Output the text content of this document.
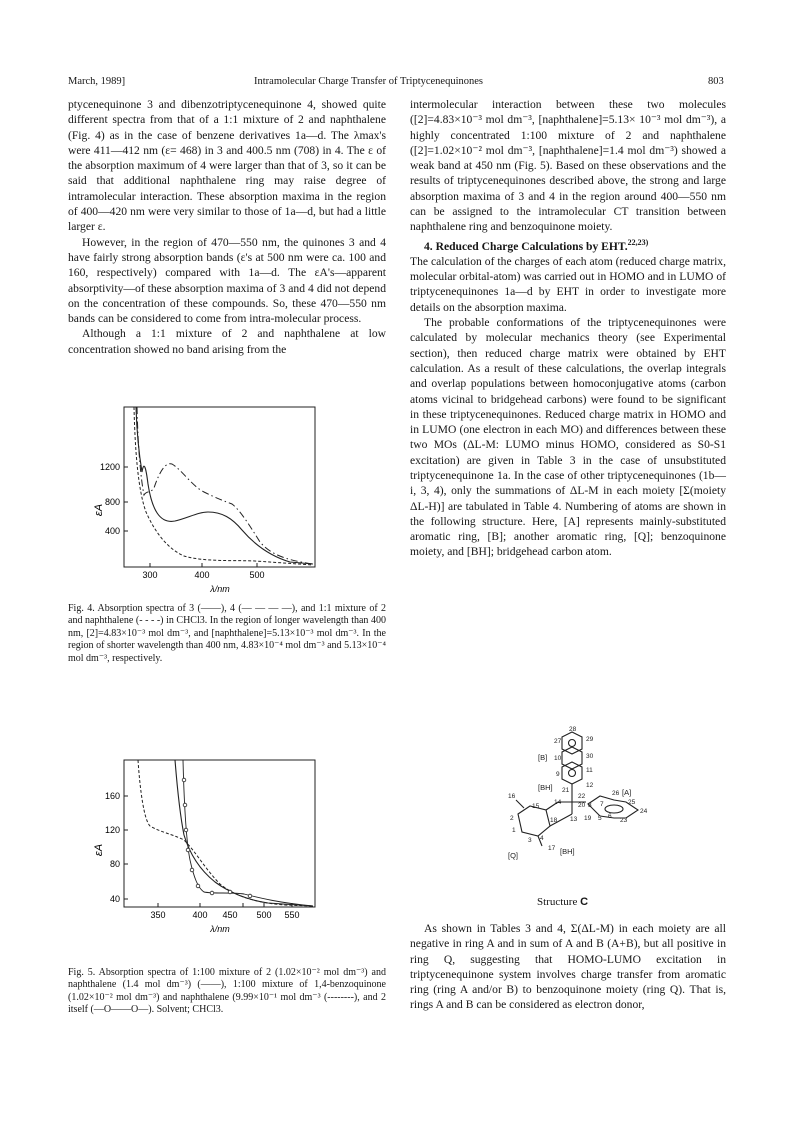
March, 1989]	Intramolecular Charge Transfer of Triptycenequinones	803

ptycenequinone 3 and dibenzotriptycenequinone 4, showed quite different spectra from that of a 1:1 mixture of 2 and naphthalene (Fig. 4) as in the case of benzene derivatives 1a—d. The λmax's were 411—412 nm (ε= 468) in 3 and 400.5 nm (708) in 4. The ε of the absorption maximum of 4 were larger than that of 3, so it can be said that additional naphthalene ring may raise degree of intramolecular interaction. These absorption maxima in the region of 400—420 nm were very similar to those of 1a—d, but had a little larger ε.

However, in the region of 470—550 nm, the quinones 3 and 4 have fairly strong absorption bands (ε's at 500 nm were ca. 100 and 160, respectively) compared with 1a—d. The εA's—apparent absorptivity—of these absorption maxima of 3 and 4 did not depend on the concentration of these compounds. So, these 470—550 nm bands can be considered to come from intra-molecular process.

Although a 1:1 mixture of 2 and naphthalene at low concentration showed no band arising from the

1200
800
400
300	400	500
λ/nm
εA
Fig. 4. Absorption spectra of 3 (——), 4 (— — — —), and 1:1 mixture of 2 and naphthalene (- - - -) in CHCl3. In the region of longer wavelength than 400 nm, [2]=4.83×10⁻³ mol dm⁻³, and [naphthalene]=5.13×10⁻³ mol dm⁻³. In the region of shorter wavelength than 400 nm, 4.83×10⁻⁴ mol dm⁻³ and 5.13×10⁻⁴ mol dm⁻³, respectively.
160
120
80
40
350	400 450 500 550
λ/nm
εA
Fig. 5. Absorption spectra of 1:100 mixture of 2 (1.02×10⁻² mol dm⁻³) and naphthalene (1.4 mol dm⁻³) (——), 1:100 mixture of 1,4-benzoquinone (1.02×10⁻² mol dm⁻³) and naphthalene (9.99×10⁻¹ mol dm⁻³ (--------), and 2 itself (—O——O—). Solvent; CHCl3.

intermolecular interaction between these two molecules ([2]=4.83×10⁻³ mol dm⁻³, [naphthalene]=5.13× 10⁻³ mol dm⁻³), a highly concentrated 1:100 mixture of 2 and naphthalene ([2]=1.02×10⁻² mol dm⁻³, [naphthalene]=1.4 mol dm⁻³) showed a weak band at 450 nm (Fig. 5). Based on these observations and the results of triptycenequinones described above, the strong and large absorption maxima of 3 and 4 in the region around 400—550 nm can be assigned to the intramolecular CT transition between naphthalene ring and benzoquinone moiety.

4. Reduced Charge Calculations by EHT.$^{22,23)}$

The calculation of the charges of each atom (reduced charge matrix, molecular orbital-atom) was carried out in HOMO and in LUMO of triptycenequinones 1a—d by EHT in order to investigate more details on the absorption maxima.

The probable conformations of the triptycenequinones were calculated by molecular mechanics theory (see Experimental section), then reduced charge matrix were obtained by EHT calculation. As a result of these calculations, the overlap integrals and overlap populations between homoconjugative atoms (carbon atoms vicinal to bridgehead carbons) were found to be significant in these triptycenequinones. Reduced charge matrix in HOMO and in LUMO (one electron in each MO) and differences between these two MOs (ΔL-M: LUMO minus HOMO, considered as S0-S1 excitation) are given in Table 3 in the case of unsubstituted triptycenequinone 1a. In the case of other triptycenequinones (1b—i, 3, 4), only the summations of ΔL-M in each moiety [Σ(moiety ΔL-H)] are tabulated in Table 4. Numbering of atoms are shown in the following structure. Here, [A] represents mainly-substituted aromatic ring, [B]; another aromatic ring, [Q]; benzoquinone moiety, and [BH]; bridgehead carbon atom.

28
27	29
10	30
9
11
12
21
22
14	20 8 7
26
16
15
25
2	18 13 19 5 6
24
23
3 4
17
1
[B]
[BH]
[A]
[Q]	[BH]
Structure C

As shown in Tables 3 and 4, Σ(ΔL-M) in each moiety are all negative in ring A and in sum of A and B (A+B), but all positive in ring Q, suggesting that HOMO-LUMO excitation in triptycenequinone system involves charge transfer from aromatic ring (ring A and/or B) to benzoquinone moiety (ring Q). That is, rings A and B can be considered as electron donor,
